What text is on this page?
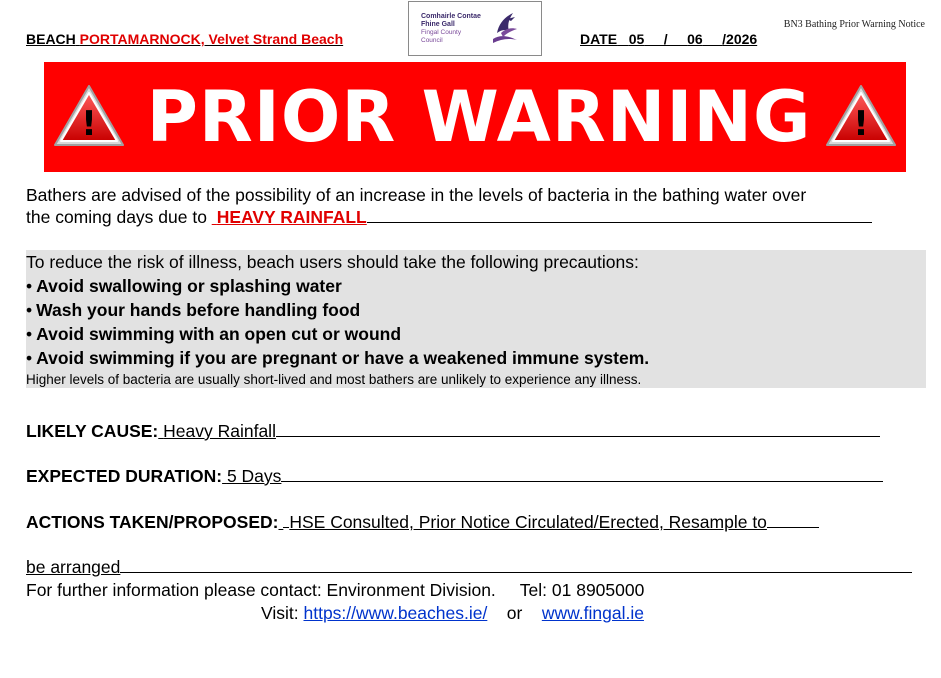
BN3 Bathing Prior Warning Notice
BEACH PORTAMARNOCK, Velvet Strand Beach
Comhairle Contae
Fhine Gall
Fingal County
Council	DATE 05     /     06 /2026
! PRIOR WARNING	!
Bathers are advised of the possibility of an increase in the levels of bacteria in the bathing water over
the coming days due to  HEAVY RAINFALL
To reduce the risk of illness, beach users should take the following precautions:
• Avoid swallowing or splashing water
• Wash your hands before handling food
• Avoid swimming with an open cut or wound
• Avoid swimming if you are pregnant or have a weakened immune system.
Higher levels of bacteria are usually short-lived and most bathers are unlikely to experience any illness.
LIKELY CAUSE: Heavy Rainfall
EXPECTED DURATION: 5 Days
ACTIONS TAKEN/PROPOSED: HSE Consulted, Prior Notice Circulated/Erected, Resample to
be arranged
For further information please contact: Environment Division. Tel: 01 8905000
Visit: https://www.beaches.ie/ or www.fingal.ie
